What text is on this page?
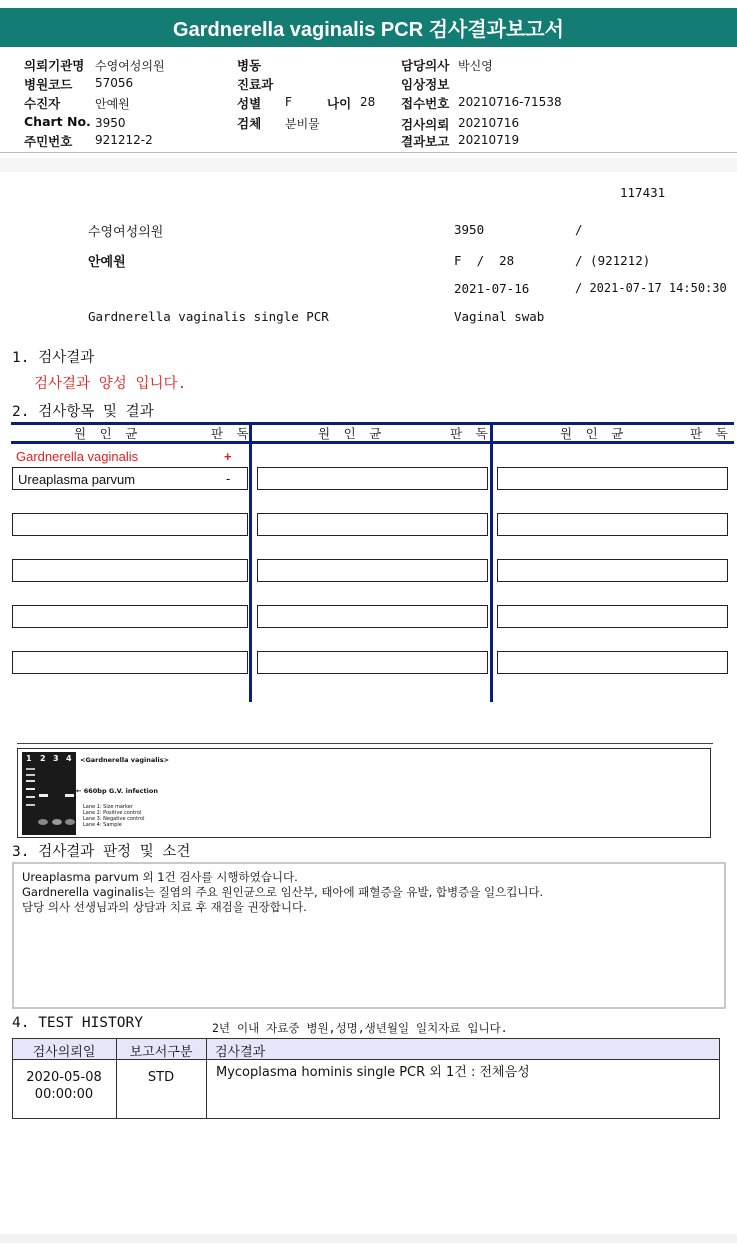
Gardnerella vaginalis PCR 검사결과보고서
의뢰기관명 수영여성의원
병원코드 57056
수진자	안예원
Chart No. 3950
주민번호 921212-2
병동
진료과
성별 F	나이 28
검체 분비물
담당의사 박신영
임상정보
접수번호 20210716-71538
검사의뢰 20210716
결과보고 20210719
117431
수영여성의원	3950	/
안예원	F  /  28	/ (921212)
2021-07-16	/ 2021-07-17 14:50:30
Gardnerella vaginalis single PCR	Vaginal swab
1. 검사결과
검사결과 양성 입니다.
2. 검사항목 및 결과
원 인 균	판 독	원 인 균	판 독	원 인 균	판 독
Gardnerella vaginalis	+
Ureaplasma parvum	-
1 2 3 4 <Gardnerella vaginalis>
← 660bp G.V. infection
Lane 1: Size marker
Lane 2: Positive control
Lane 3: Negative control
Lane 4: Sample
3. 검사결과 판정 및 소견
Ureaplasma parvum 외 1건 검사를 시행하였습니다.
Gardnerella vaginalis는 질염의 주요 원인균으로 임산부, 태아에 패혈증을 유발, 합병증을 일으킵니다.
담당 의사 선생님과의 상담과 치료 후 재검을 권장합니다.
4. TEST HISTORY	2년 이내 자료중 병원,성명,생년월일 일치자료 입니다.
검사의뢰일	보고서구분	검사결과
2020-05-08
00:00:00
STD	Mycoplasma hominis single PCR 외 1건 : 전체음성
